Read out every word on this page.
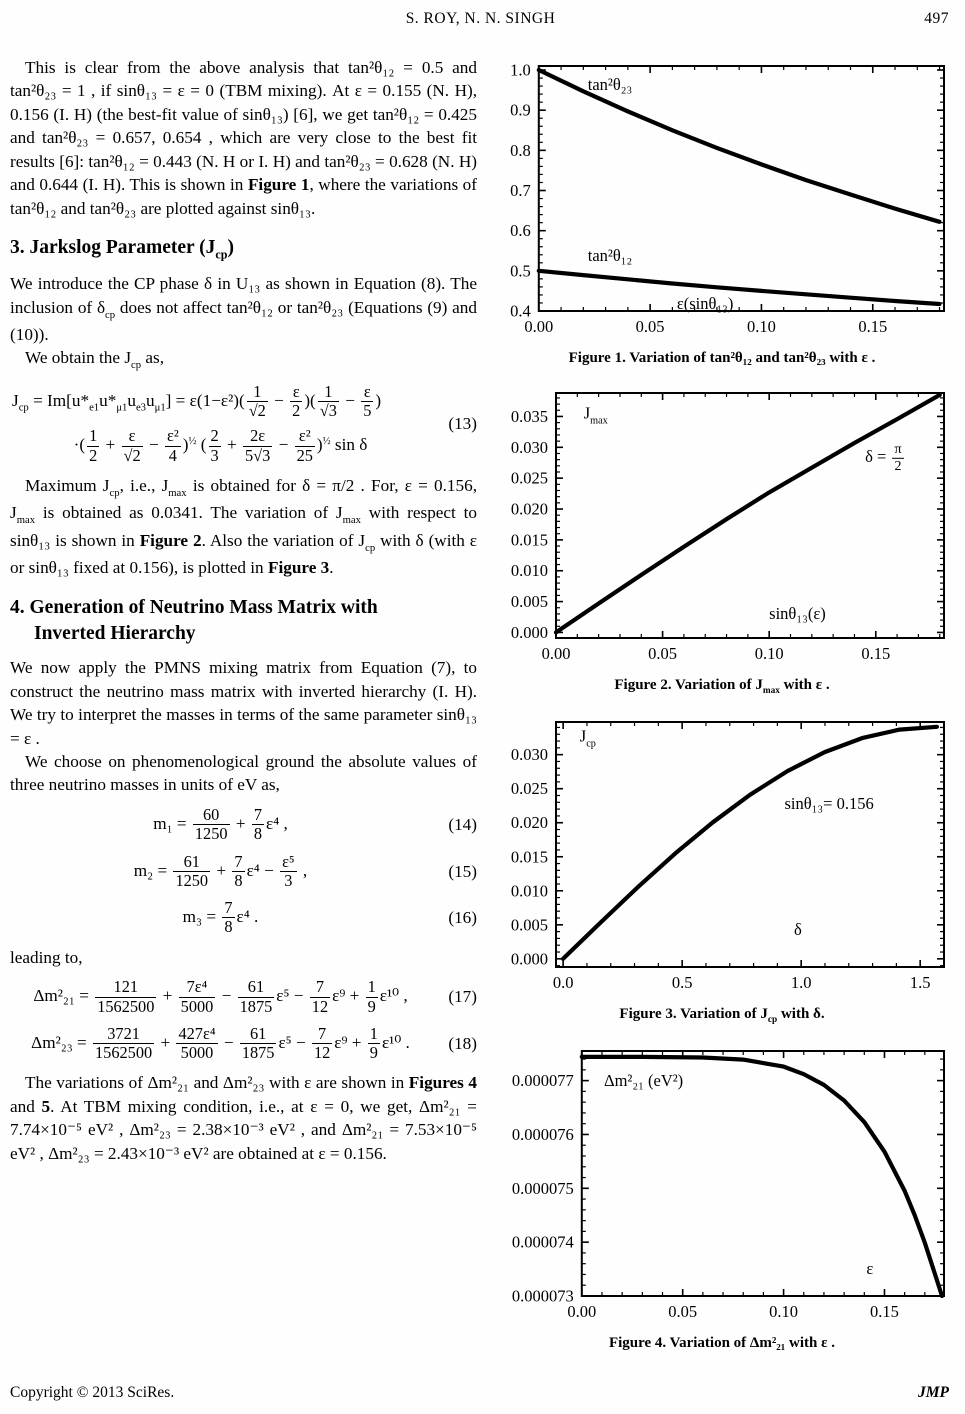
S. ROY, N. N. SINGH	497

This is clear from the above analysis that tan²θ₁₂ = 0.5 and tan²θ₂₃ = 1 , if sinθ₁₃ = ε = 0 (TBM mixing). At ε = 0.155 (N. H), 0.156 (I. H) (the best-fit value of sinθ₁₃) [6], we get tan²θ₁₂ = 0.425 and tan²θ₂₃ = 0.657, 0.654 , which are very close to the best fit results [6]: tan²θ₁₂ = 0.443 (N. H or I. H) and tan²θ₂₃ = 0.628 (N. H) and 0.644 (I. H). This is shown in Figure 1, where the variations of tan²θ₁₂ and tan²θ₂₃ are plotted against sinθ₁₃.

3. Jarkslog Parameter $(J_{cp})$

We introduce the CP phase δ in U₁₃ as shown in Equation (8). The inclusion of $\delta_{cp}$ does not affect tan²θ₁₂ or tan²θ₂₃ (Equations (9) and (10)).

We obtain the $J_{cp}$ as,

$J_{cp} = Im[u*_{e1}u*_{\mu 1}u_{e3}u_{\mu 1}] = \varepsilon(1-\varepsilon^2)( \frac{1}{√2} - \frac{\varepsilon}{2}$ )( $\frac{1}{√3} - \frac{\varepsilon}{5}$ )
·( $\frac{1}{2} + \frac{\varepsilon}{√2} - \frac{\text{ε²}}{4} )^{\frac{1}{2}}$ ( $\frac{2}{3} + \frac{2\varepsilon}{5√3} - \frac{\text{ε²}}{25} )^{\frac{1}{2}}$ sin δ
(13)

Maximum $J_{cp}$, i.e., $J_{max}$ is obtained for δ = π/2 . For, ε = 0.156, $J_{max}$ is obtained as 0.0341. The variation of $J_{max}$ with respect to sinθ₁₃ is shown in Figure 2. Also the variation of $J_{cp}$ with δ (with ε or sinθ₁₃ fixed at 0.156), is plotted in Figure 3.

4. Generation of Neutrino Mass Matrix with
Inverted Hierarchy

We now apply the PMNS mixing matrix from Equation (7), to construct the neutrino mass matrix with inverted hierarchy (I. H). We try to interpret the masses in terms of the same parameter sinθ₁₃ = ε .

We choose on phenomenological ground the absolute values of three neutrino masses in units of eV as,

$m_1 = \frac{60}{1250} + \frac{7}{8} \varepsilon^4$ ,	(14)
$m_2 = \frac{61}{1250} + \frac{7}{8} \varepsilon^4 - \frac{\text{ε⁵}}{3}$ ,	(15)
$m_3 = \frac{7}{8} \varepsilon^4$ .	(16)

leading to,

$\Delta m^2_{21} = \frac{121}{1562500} + \frac{\text{7ε⁴}}{5000} - \frac{61}{1875} \varepsilon^5 - \frac{7}{12} \varepsilon^9 + \frac{1}{9} \varepsilon^{10}$ ,	(17)
$\Delta m^2_{23} = \frac{3721}{1562500} + \frac{\text{427ε⁴}}{5000} - \frac{61}{1875} \varepsilon^5 - \frac{7}{12} \varepsilon^9 + \frac{1}{9} \varepsilon^{10}$ .	(18)

The variations of Δm²₂₁ and Δm²₂₃ with ε are shown in Figures 4 and 5. At TBM mixing condition, i.e., at ε = 0, we get, Δm²₂₁ = 7.74×10⁻⁵ eV² , Δm²₂₃ = 2.38×10⁻³ eV² , and Δm²₂₁ = 7.53×10⁻⁵ eV² , Δm²₂₃ = 2.43×10⁻³ eV² are obtained at ε = 0.156.

0.00	0.05	0.10	0.15
0.4
0.5
0.6
0.7
0.8
0.9
1.0
tan²θ₂₃
tan²θ₁₂
ε(sinθ₁₃)
Figure 1. Variation of tan²θ₁₂ and tan²θ₂₃ with ε .
0.00	0.05	0.10	0.15
0.000
0.005
0.010
0.015
0.020
0.025
0.030
0.035 $J_{max}$
$\delta = \frac{\pi}{2}$
sinθ₁₃(ε)
Figure 2. Variation of $J_{max}$ with ε .
0.0	0.5	1.0	1.5
0.000
0.005
0.010
0.015
0.020
0.025
0.030
$J_{cp}$
sinθ₁₃= 0.156
δ
Figure 3. Variation of $J_{cp}$ with δ.
0.00	0.05	0.10	0.15
0.000073
0.000074
0.000075
0.000076
0.000077 Δm²₂₁ (eV²)
ε
Figure 4. Variation of Δm²₂₁ with ε .
Copyright © 2013 SciRes.	JMP
